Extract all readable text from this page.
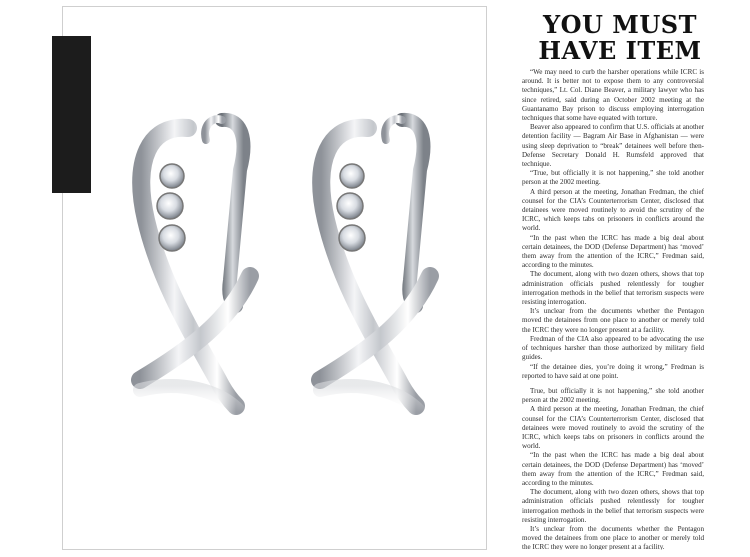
YOU MUST
HAVE ITEM

“We may need to curb the harsher operations while ICRC is around. It is better not to expose them to any controversial techniques,” Lt. Col. Diane Beaver, a military lawyer who has since retired, said during an October 2002 meeting at the Guantanamo Bay prison to discuss employing interrogation techniques that some have equated with torture.

Beaver also appeared to confirm that U.S. officials at another detention facility — Bagram Air Base in Afghanistan — were using sleep deprivation to “break” detainees well before then-Defense Secretary Donald H. Rumsfeld approved that technique.

“True, but officially it is not happening,” she told another person at the 2002 meeting.

A third person at the meeting, Jonathan Fredman, the chief counsel for the CIA’s Counterterrorism Center, disclosed that detainees were moved routinely to avoid the scrutiny of the ICRC, which keeps tabs on prisoners in conflicts around the world.

“In the past when the ICRC has made a big deal about certain detainees, the DOD (Defense Department) has ‘moved’ them away from the attention of the ICRC,” Fredman said, according to the minutes.

The document, along with two dozen others, shows that top administration officials pushed relentlessly for tougher interrogation methods in the belief that terrorism suspects were resisting interrogation.

It’s unclear from the documents whether the Pentagon moved the detainees from one place to another or merely told the ICRC they were no longer present at a facility.

Fredman of the CIA also appeared to be advocating the use of techniques harsher than those authorized by military field guides.

“If the detainee dies, you’re doing it wrong,” Fredman is reported to have said at one point.

True, but officially it is not happening,” she told another person at the 2002 meeting.

A third person at the meeting, Jonathan Fredman, the chief counsel for the CIA’s Counterterrorism Center, disclosed that detainees were moved routinely to avoid the scrutiny of the ICRC, which keeps tabs on prisoners in conflicts around the world.

“In the past when the ICRC has made a big deal about certain detainees, the DOD (Defense Department) has ‘moved’ them away from the attention of the ICRC,” Fredman said, according to the minutes.

The document, along with two dozen others, shows that top administration officials pushed relentlessly for tougher interrogation methods in the belief that terrorism suspects were resisting interrogation.

It’s unclear from the documents whether the Pentagon moved the detainees from one place to another or merely told the ICRC they were no longer present at a facility.
